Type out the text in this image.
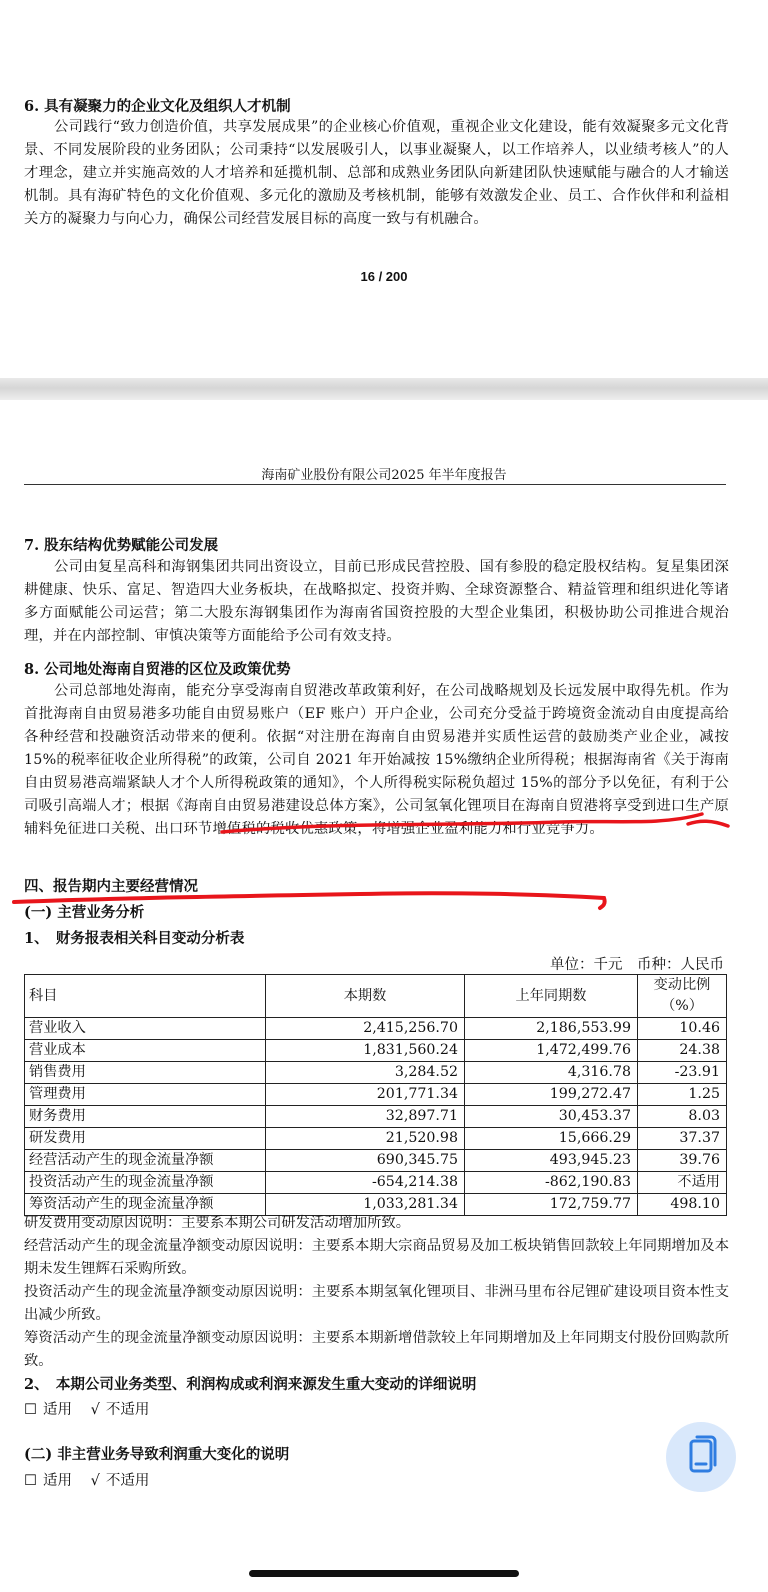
6. 具有凝聚力的企业文化及组织人才机制
公司践行“致力创造价值，共享发展成果”的企业核心价值观，重视企业文化建设，能有效凝聚多元文化背景、不同发展阶段的业务团队；公司秉持“以发展吸引人，以事业凝聚人，以工作培养人，以业绩考核人”的人才理念，建立并实施高效的人才培养和延揽机制、总部和成熟业务团队向新建团队快速赋能与融合的人才输送机制。具有海矿特色的文化价值观、多元化的激励及考核机制，能够有效激发企业、员工、合作伙伴和利益相关方的凝聚力与向心力，确保公司经营发展目标的高度一致与有机融合。
16 / 200
海南矿业股份有限公司2025 年半年度报告
7. 股东结构优势赋能公司发展
公司由复星高科和海钢集团共同出资设立，目前已形成民营控股、国有参股的稳定股权结构。复星集团深耕健康、快乐、富足、智造四大业务板块，在战略拟定、投资并购、全球资源整合、精益管理和组织进化等诸多方面赋能公司运营；第二大股东海钢集团作为海南省国资控股的大型企业集团，积极协助公司推进合规治理，并在内部控制、审慎决策等方面能给予公司有效支持。
8. 公司地处海南自贸港的区位及政策优势
公司总部地处海南，能充分享受海南自贸港改革政策利好，在公司战略规划及长远发展中取得先机。作为首批海南自由贸易港多功能自由贸易账户（EF 账户）开户企业，公司充分受益于跨境资金流动自由度提高给各种经营和投融资活动带来的便利。依据“对注册在海南自由贸易港并实质性运营的鼓励类产业企业，减按 15%的税率征收企业所得税”的政策，公司自 2021 年开始减按 15%缴纳企业所得税；根据海南省《关于海南自由贸易港高端紧缺人才个人所得税政策的通知》，个人所得税实际税负超过 15%的部分予以免征，有利于公司吸引高端人才；根据《海南自由贸易港建设总体方案》，公司氢氧化锂项目在海南自贸港将享受到进口生产原辅料免征进口关税、出口环节增值税的税收优惠政策，将增强企业盈利能力和行业竞争力。
四、报告期内主要经营情况
(一) 主营业务分析
1、　财务报表相关科目变动分析表
单位：千元　币种：人民币
科目	本期数	上年同期数	变动比例（%）
营业收入	2,415,256.70	2,186,553.99	10.46
营业成本	1,831,560.24	1,472,499.76	24.38
销售费用	3,284.52	4,316.78	-23.91
管理费用	201,771.34	199,272.47	1.25
财务费用	32,897.71	30,453.37	8.03
研发费用	21,520.98	15,666.29	37.37
经营活动产生的现金流量净额	690,345.75	493,945.23	39.76
投资活动产生的现金流量净额	-654,214.38	-862,190.83	不适用
筹资活动产生的现金流量净额	1,033,281.34	172,759.77	498.10
研发费用变动原因说明：主要系本期公司研发活动增加所致。
经营活动产生的现金流量净额变动原因说明：主要系本期大宗商品贸易及加工板块销售回款较上年同期增加及本期未发生锂辉石采购所致。
投资活动产生的现金流量净额变动原因说明：主要系本期氢氧化锂项目、非洲马里布谷尼锂矿建设项目资本性支出减少所致。
筹资活动产生的现金流量净额变动原因说明：主要系本期新增借款较上年同期增加及上年同期支付股份回购款所致。
2、　本期公司业务类型、利润构成或利润来源发生重大变动的详细说明
☐ 适用 √ 不适用
(二) 非主营业务导致利润重大变化的说明
☐ 适用 √ 不适用
